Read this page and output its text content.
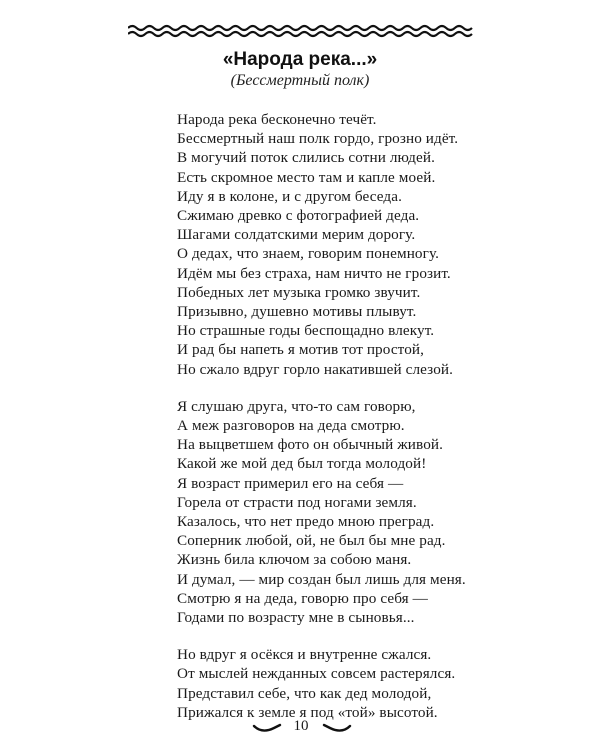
«Народа река...»
(Бессмертный полк)
Народа река бесконечно течёт.
Бессмертный наш полк гордо, грозно идёт.
В могучий поток слились сотни людей.
Есть скромное место там и капле моей.
Иду я в колоне, и с другом беседа.
Сжимаю древко с фотографией деда.
Шагами солдатскими мерим дорогу.
О дедах, что знаем, говорим понемногу.
Идём мы без страха, нам ничто не грозит.
Победных лет музыка громко звучит.
Призывно, душевно мотивы плывут.
Но страшные годы беспощадно влекут.
И рад бы напеть я мотив тот простой,
Но сжало вдруг горло накатившей слезой.
Я слушаю друга, что-то сам говорю,
А меж разговоров на деда смотрю.
На выцветшем фото он обычный живой.
Какой же мой дед был тогда молодой!
Я возраст примерил его на себя —
Горела от страсти под ногами земля.
Казалось, что нет предо мною преград.
Соперник любой, ой, не был бы мне рад.
Жизнь била ключом за собою маня.
И думал, — мир создан был лишь для меня.
Смотрю я на деда, говорю про себя —
Годами по возрасту мне в сыновья...
Но вдруг я осёкся и внутренне сжался.
От мыслей нежданных совсем растерялся.
Представил себе, что как дед молодой,
Прижался к земле я под «той» высотой.
10
